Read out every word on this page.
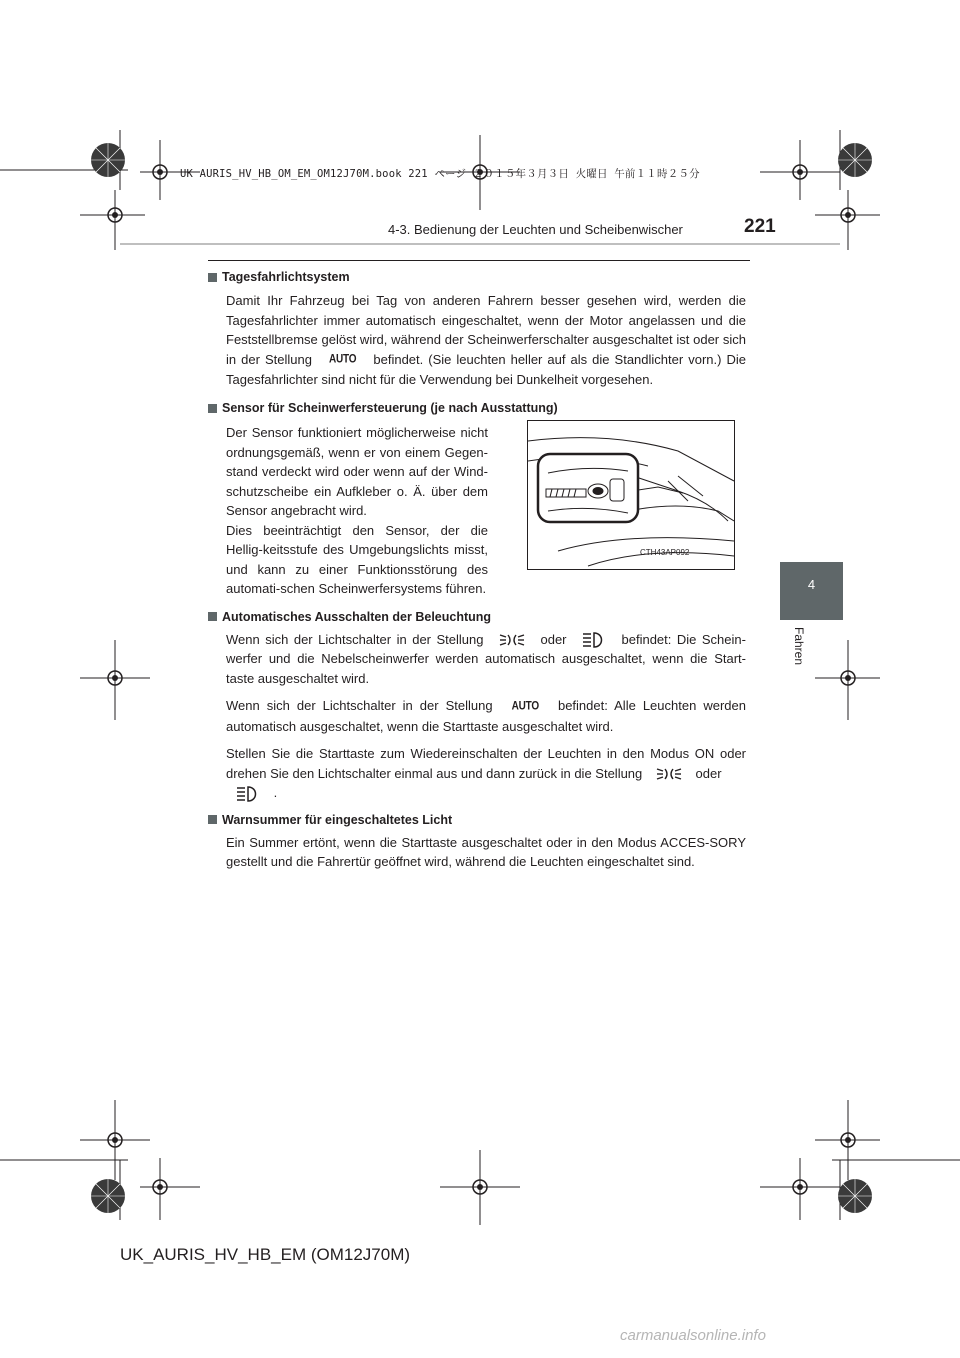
UK AURIS_HV_HB_OM_EM_OM12J70M.book 221 ページ ２０１５年３月３日 火曜日 午前１１時２５分
4-3. Bedienung der Leuchten und Scheibenwischer	221
4
Fahren

Tagesfahrlichtsystem

Damit Ihr Fahrzeug bei Tag von anderen Fahrern besser gesehen wird, werden die Tagesfahrlichter immer automatisch eingeschaltet, wenn der Motor angelassen und die Feststellbremse gelöst wird, während der Scheinwerferschalter ausgeschaltet ist oder sich in der Stellung AUTO befindet. (Sie leuchten heller auf als die Standlichter vorn.) Die Tagesfahrlichter sind nicht für die Verwendung bei Dunkelheit vorgesehen.

Sensor für Scheinwerfersteuerung (je nach Ausstattung)

Der Sensor funktioniert möglicherweise nicht ordnungsgemäß, wenn er von einem Gegen-stand verdeckt wird oder wenn auf der Wind-schutzscheibe ein Aufkleber o. Ä. über dem Sensor angebracht wird.

Dies beeinträchtigt den Sensor, der die Hellig-keitsstufe des Umgebungslichts misst, und kann zu einer Funktionsstörung des automati-schen Scheinwerfersystems führen.

Automatisches Ausschalten der Beleuchtung

Wenn sich der Lichtschalter in der Stellung	oder	befindet: Die Schein-werfer und die Nebelscheinwerfer werden automatisch ausgeschaltet, wenn die Start-taste ausgeschaltet wird.

Wenn sich der Lichtschalter in der Stellung AUTO befindet: Alle Leuchten werden automatisch ausgeschaltet, wenn die Starttaste ausgeschaltet wird.

Stellen Sie die Starttaste zum Wiedereinschalten der Leuchten in den Modus ON oder drehen Sie den Lichtschalter einmal aus und dann zurück in die Stellung	oder
.

Warnsummer für eingeschaltetes Licht

Ein Summer ertönt, wenn die Starttaste ausgeschaltet oder in den Modus ACCES-SORY gestellt und die Fahrertür geöffnet wird, während die Leuchten eingeschaltet sind.

CTH43AP092
UK_AURIS_HV_HB_EM (OM12J70M)
carmanualsonline.info
